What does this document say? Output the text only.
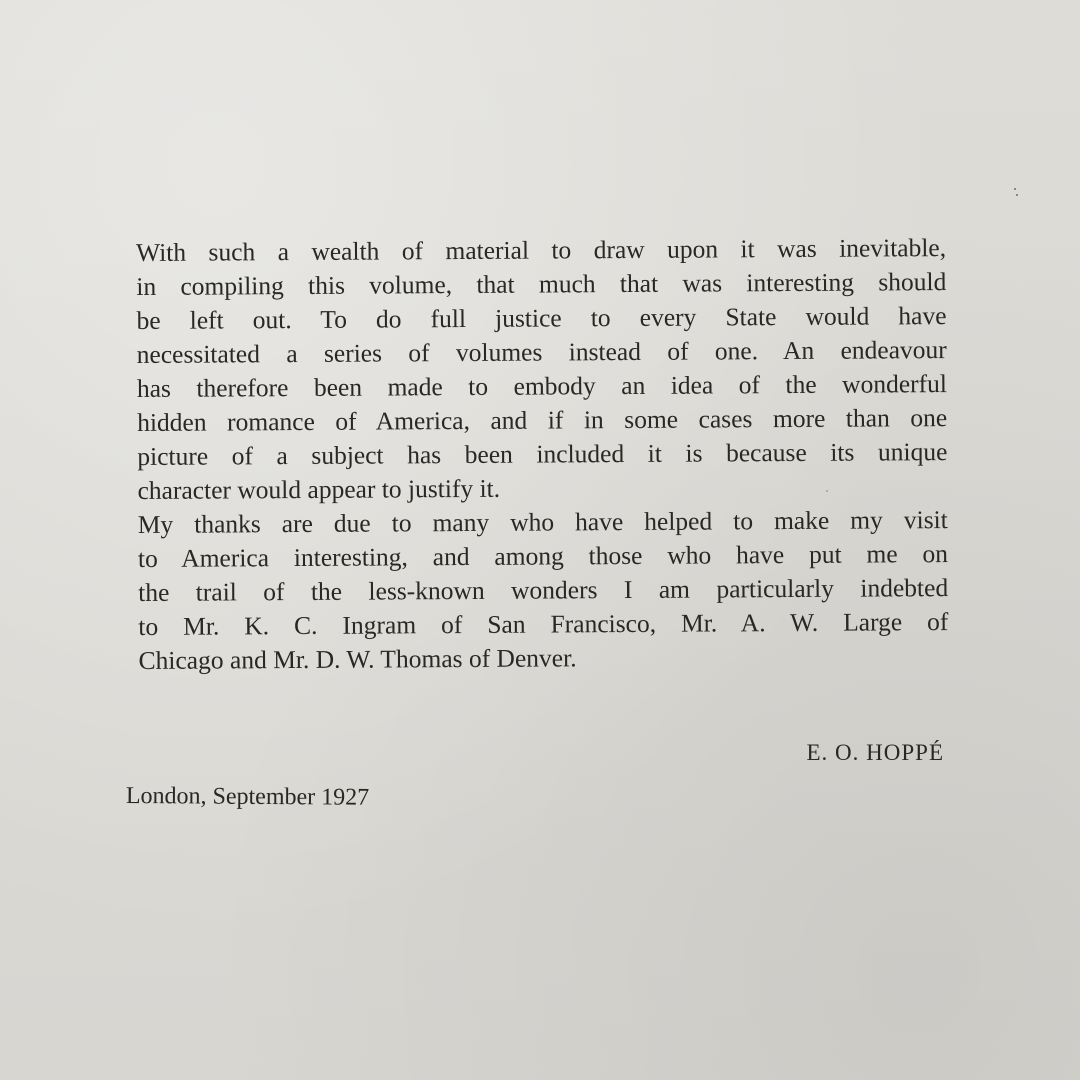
With such a wealth of material to draw upon it was inevitable,
in compiling this volume, that much that was interesting should
be left out. To do full justice to every State would have
necessitated a series of volumes instead of one. An endeavour
has therefore been made to embody an idea of the wonderful
hidden romance of America, and if in some cases more than one
picture of a subject has been included it is because its unique
character would appear to justify it.
My thanks are due to many who have helped to make my visit
to America interesting, and among those who have put me on
the trail of the less-known wonders I am particularly indebted
to Mr. K. C. Ingram of San Francisco, Mr. A. W. Large of
Chicago and Mr. D. W. Thomas of Denver.
E. O. HOPPÉ
London, September 1927
